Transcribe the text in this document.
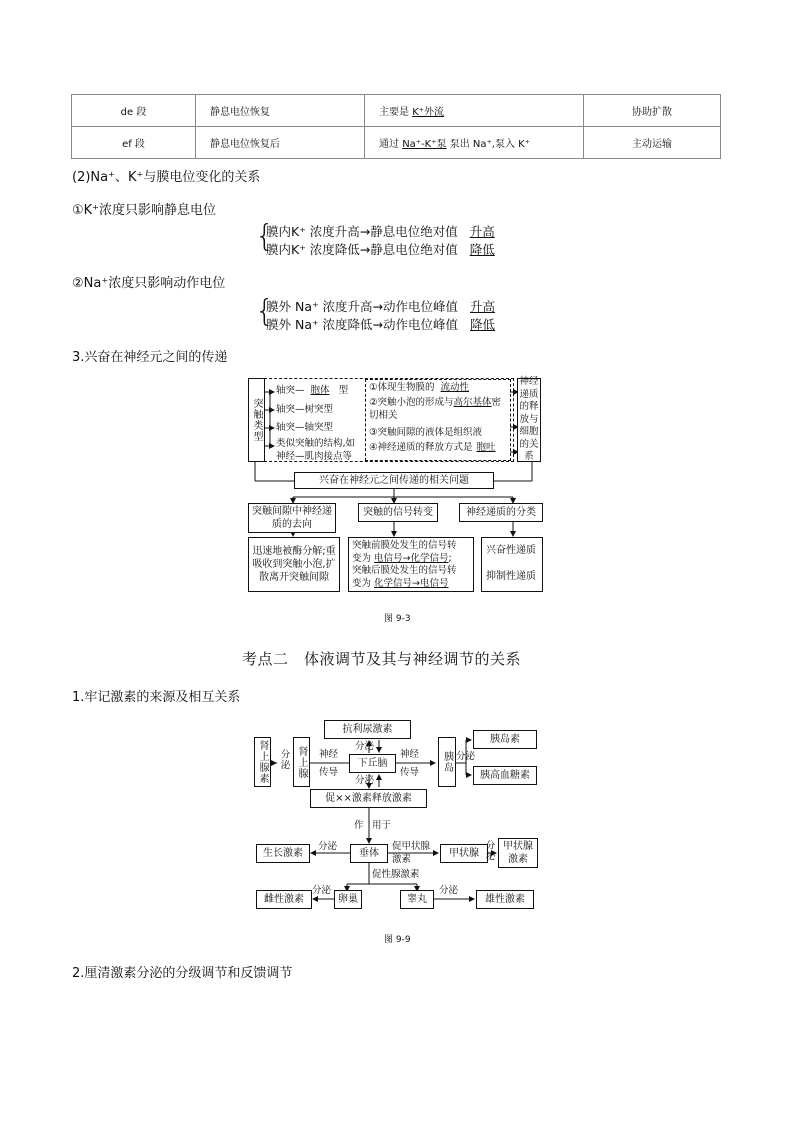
de 段	静息电位恢复	主要是 K⁺外流	协助扩散
ef 段	静息电位恢复后	通过 Na⁺-K⁺泵 泵出 Na⁺,泵入 K⁺	主动运输
(2)Na⁺、K⁺与膜电位变化的关系
①K⁺浓度只影响静息电位
{
膜内K⁺ 浓度升高→静息电位绝对值 升高
膜内K⁺ 浓度降低→静息电位绝对值 降低
②Na⁺浓度只影响动作电位
{
膜外 Na⁺ 浓度升高→动作电位峰值 升高
膜外 Na⁺ 浓度降低→动作电位峰值 降低
3.兴奋在神经元之间的传递
突触类型
轴突— 胞体 型
轴突—树突型
轴突—轴突型
类似突触的结构,如神经—肌肉接点等
①体现生物膜的 流动性
②突触小泡的形成与高尔基体密切相关
③突触间隙的液体是组织液
④神经递质的释放方式是 胞吐
神经递质的释放与细胞的关系
兴奋在神经元之间传递的相关问题
突触间隙中神经递质的去向
突触的信号转变	神经递质的分类
迅速地被酶分解;重吸收到突触小泡,扩散离开突触间隙
突触前膜处发生的信号转
变为 电信号→化学信号;
突触后膜处发生的信号转
变为 化学信号→电信号
兴奋性递质
抑制性递质
图 9-3
考点二　体液调节及其与神经调节的关系
1.牢记激素的来源及相互关系
抗利尿激素
下丘脑
分泌
分泌
肾上腺素	分泌 肾上腺	神经
传导
神经
传导	胰岛 分泌
胰岛素
胰高血糖素
促××激素释放激素
作 用于
生长激素
分泌
垂体
促甲状腺激素	甲状腺 分泌 甲状腺激素
促性腺激素
雌性激素
分泌
卵巢	睾丸
分泌
雄性激素
图 9-9
2.厘清激素分泌的分级调节和反馈调节
